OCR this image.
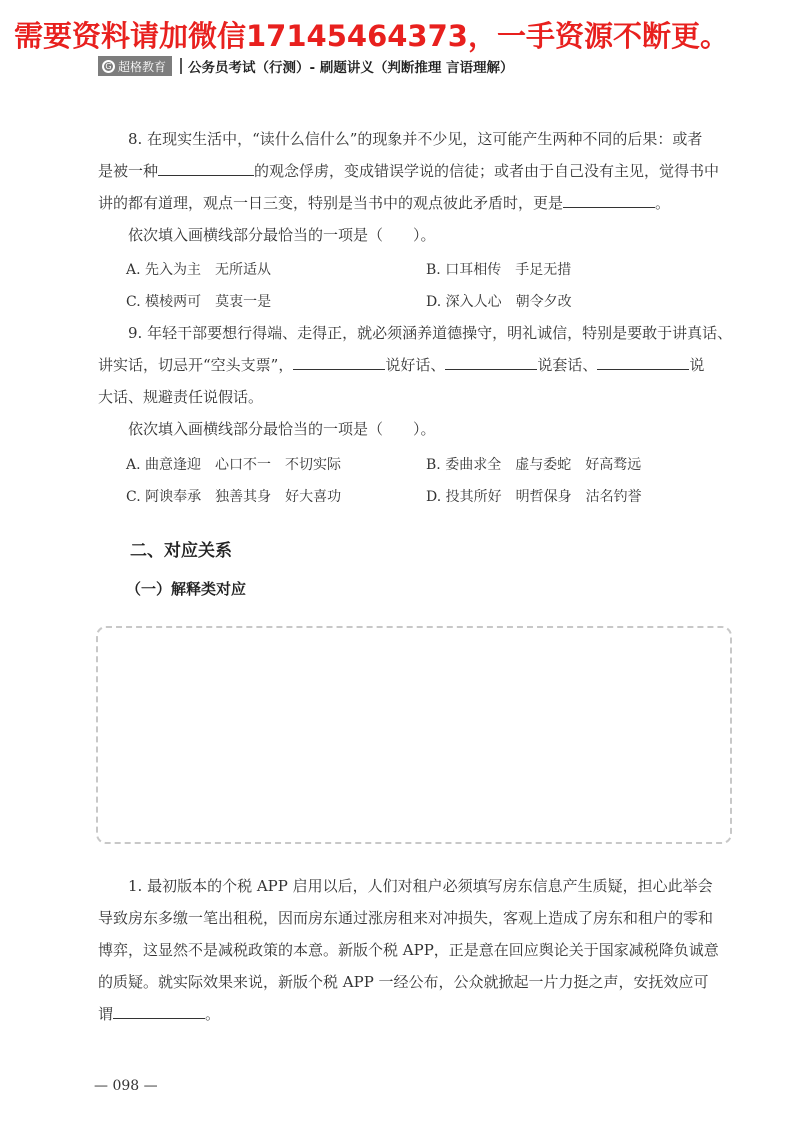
需要资料请加微信17145464373，一手资源不断更。
G 超格教育 公务员考试（行测）- 刷题讲义（判断推理 言语理解）

8. 在现实生活中，“读什么信什么”的现象并不少见，这可能产生两种不同的后果：或者

是被一种	的观念俘虏，变成错误学说的信徒；或者由于自己没有主见，觉得书中

讲的都有道理，观点一日三变，特别是当书中的观点彼此矛盾时，更是	。

依次填入画横线部分最恰当的一项是（　　）。

A. 先入为主　无所适从	B. 口耳相传　手足无措
C. 模棱两可　莫衷一是	D. 深入人心　朝令夕改

9. 年轻干部要想行得端、走得正，就必须涵养道德操守，明礼诚信，特别是要敢于讲真话、

讲实话，切忌开“空头支票”，	说好话、	说套话、	说

大话、规避责任说假话。

依次填入画横线部分最恰当的一项是（　　）。

A. 曲意逢迎　心口不一　不切实际	B. 委曲求全　虚与委蛇　好高骛远
C. 阿谀奉承　独善其身　好大喜功	D. 投其所好　明哲保身　沽名钓誉
二、对应关系
（一）解释类对应

1. 最初版本的个税 APP 启用以后，人们对租户必须填写房东信息产生质疑，担心此举会

导致房东多缴一笔出租税，因而房东通过涨房租来对冲损失，客观上造成了房东和租户的零和

博弈，这显然不是减税政策的本意。新版个税 APP，正是意在回应舆论关于国家减税降负诚意

的质疑。就实际效果来说，新版个税 APP 一经公布，公众就掀起一片力挺之声，安抚效应可

谓	。

— 098 —
